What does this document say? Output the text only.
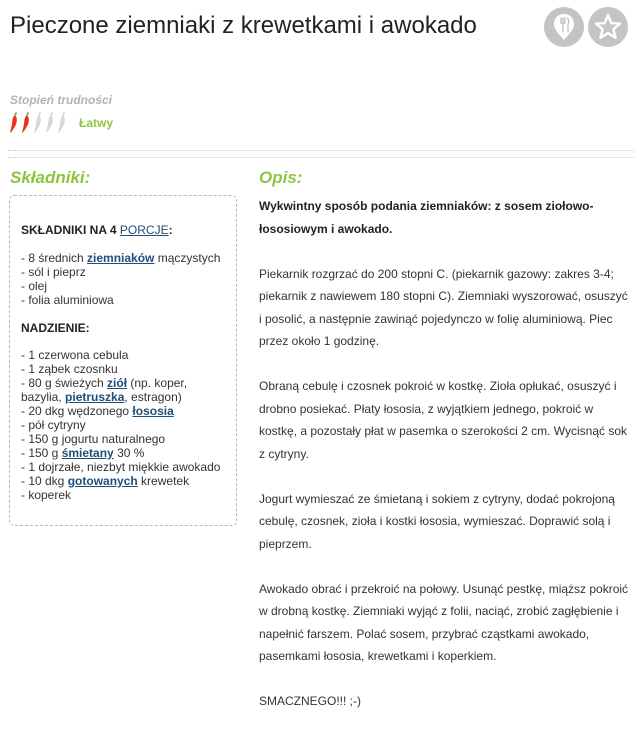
Pieczone ziemniaki z krewetkami i awokado
Stopień trudności
Łatwy
Składniki:	Opis:
SKŁADNIKI NA 4 PORCJE:
- 8 średnich ziemniaków mączystych
- sól i pieprz
- olej
- folia aluminiowa
NADZIENIE:
- 1 czerwona cebula
- 1 ząbek czosnku
- 80 g świeżych ziół (np. koper, bazylia, pietruszka, estragon)
- 20 dkg wędzonego łososia
- pół cytryny
- 150 g jogurtu naturalnego
- 150 g śmietany 30 %
- 1 dojrzałe, niezbyt miękkie awokado
- 10 dkg gotowanych krewetek
- koperek

Wykwintny sposób podania ziemniaków: z sosem ziołowo-łososiowym i awokado.

Piekarnik rozgrzać do 200 stopni C. (piekarnik gazowy: zakres 3-4; piekarnik z nawiewem 180 stopni C). Ziemniaki wyszorować, osuszyć i posolić, a następnie zawinąć pojedynczo w folię aluminiową. Piec przez około 1 godzinę.

Obraną cebulę i czosnek pokroić w kostkę. Zioła opłukać, osuszyć i drobno posiekać. Płaty łososia, z wyjątkiem jednego, pokroić w kostkę, a pozostały płat w pasemka o szerokości 2 cm. Wycisnąć sok z cytryny.

Jogurt wymieszać ze śmietaną i sokiem z cytryny, dodać pokrojoną cebulę, czosnek, zioła i kostki łososia, wymieszać. Doprawić solą i pieprzem.

Awokado obrać i przekroić na połowy. Usunąć pestkę, miąższ pokroić w drobną kostkę. Ziemniaki wyjąć z folii, naciąć, zrobić zagłębienie i napełnić farszem. Polać sosem, przybrać cząstkami awokado, pasemkami łososia, krewetkami i koperkiem.

SMACZNEGO!!! ;-)
